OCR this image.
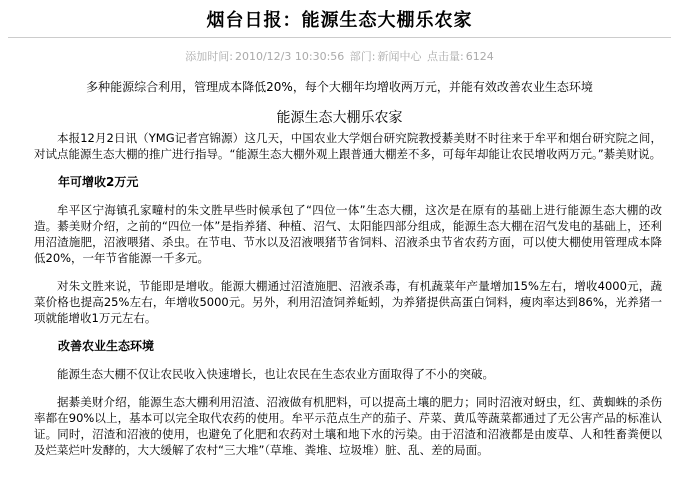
烟台日报：能源生态大棚乐农家
添加时间: 2010/12/3 10:30:56 部门: 新闻中心 点击量: 6124
多种能源综合利用，管理成本降低20%，每个大棚年均增收两万元，并能有效改善农业生态环境
能源生态大棚乐农家

本报12月2日讯（YMG记者宫锦源）这几天，中国农业大学烟台研究院教授綦美财不时往来于牟平和烟台研究院之间，对试点能源生态大棚的推广进行指导。“能源生态大棚外观上跟普通大棚差不多，可每年却能让农民增收两万元。”綦美财说。

年可增收2万元

牟平区宁海镇孔家疃村的朱文胜早些时候承包了“四位一体”生态大棚，这次是在原有的基础上进行能源生态大棚的改造。綦美财介绍，之前的“四位一体”是指养猪、种植、沼气、太阳能四部分组成，能源生态大棚在沼气发电的基础上，还利用沼渣施肥，沼液喂猪、杀虫。在节电、节水以及沼液喂猪节省饲料、沼液杀虫节省农药方面，可以使大棚使用管理成本降低20%，一年节省能源一千多元。

对朱文胜来说，节能即是增收。能源大棚通过沼渣施肥、沼液杀毒，有机蔬菜年产量增加15%左右，增收4000元，蔬菜价格也提高25%左右，年增收5000元。另外，利用沼渣饲养蚯蚓，为养猪提供高蛋白饲料，瘦肉率达到86%，光养猪一项就能增收1万元左右。

改善农业生态环境

能源生态大棚不仅让农民收入快速增长，也让农民在生态农业方面取得了不小的突破。

据綦美财介绍，能源生态大棚利用沼渣、沼液做有机肥料，可以提高土壤的肥力；同时沼液对蚜虫，红、黄蜘蛛的杀伤率都在90%以上，基本可以完全取代农药的使用。牟平示范点生产的茄子、芹菜、黄瓜等蔬菜都通过了无公害产品的标准认证。同时，沼渣和沼液的使用，也避免了化肥和农药对土壤和地下水的污染。由于沼渣和沼液都是由废草、人和牲畜粪便以及烂菜烂叶发酵的，大大缓解了农村“三大堆”（草堆、粪堆、垃圾堆）脏、乱、差的局面。
